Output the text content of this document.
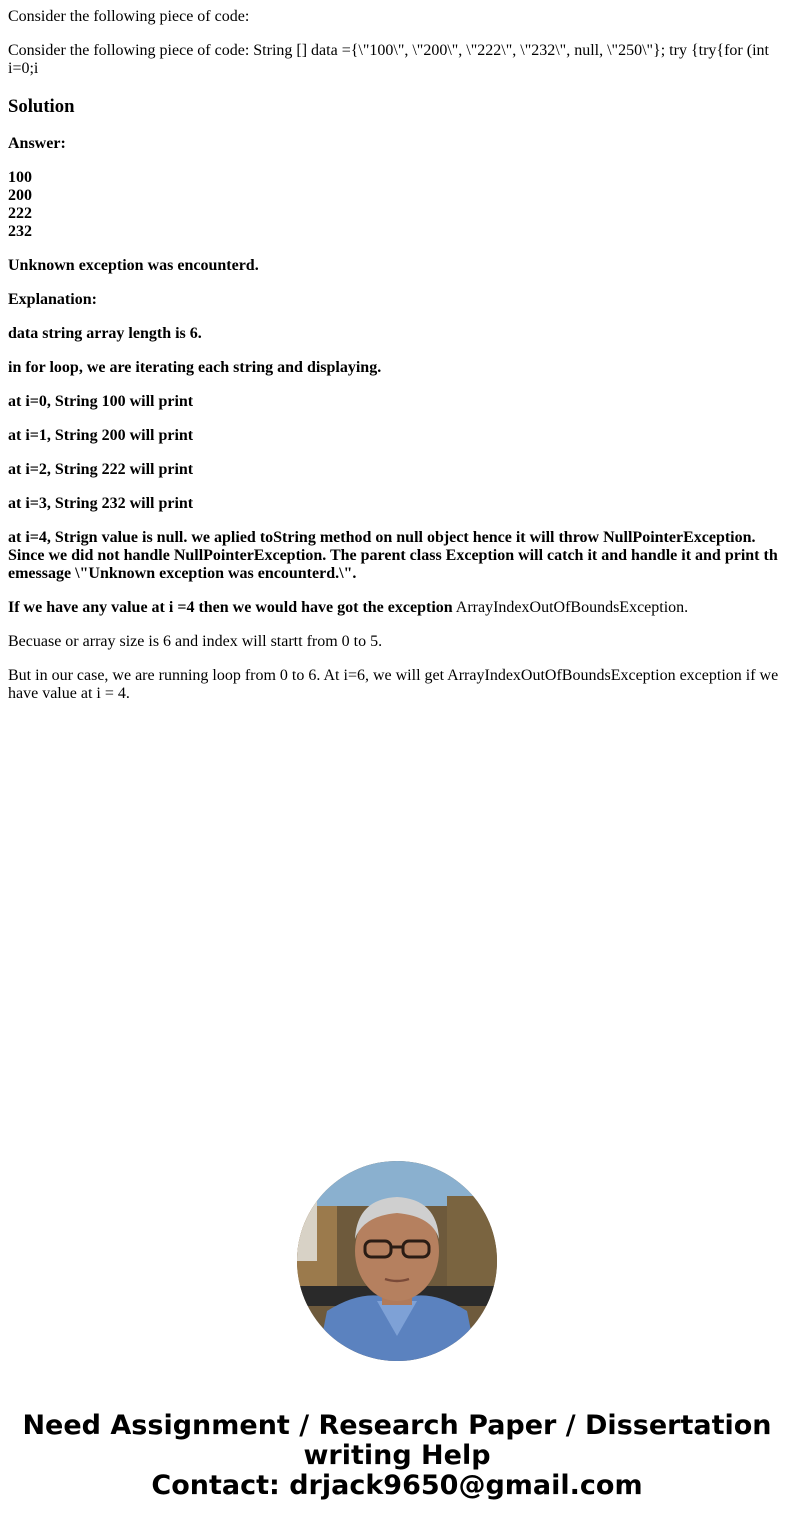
Consider the following piece of code:

Consider the following piece of code: String [] data ={\"100\", \"200\", \"222\", \"232\", null, \"250\"}; try {try{for (int i=0;i

Solution

Answer:

100
200
222
232

Unknown exception was encounterd.

Explanation:

data string array length is 6.

in for loop, we are iterating each string and displaying.

at i=0, String 100 will print

at i=1, String 200 will print

at i=2, String 222 will print

at i=3, String 232 will print

at i=4, Strign value is null. we aplied toString method on null object hence it will throw NullPointerException. Since we did not handle NullPointerException. The parent class Exception will catch it and handle it and print th emessage \"Unknown exception was encounterd.\".

If we have any value at i =4 then we would have got the exception ArrayIndexOutOfBoundsException.

Becuase or array size is 6 and index will startt from 0 to 5.

But in our case, we are running loop from 0 to 6. At i=6, we will get ArrayIndexOutOfBoundsException exception if we have value at i = 4.

Need Assignment / Research Paper / Dissertation
writing Help
Contact: drjack9650@gmail.com
